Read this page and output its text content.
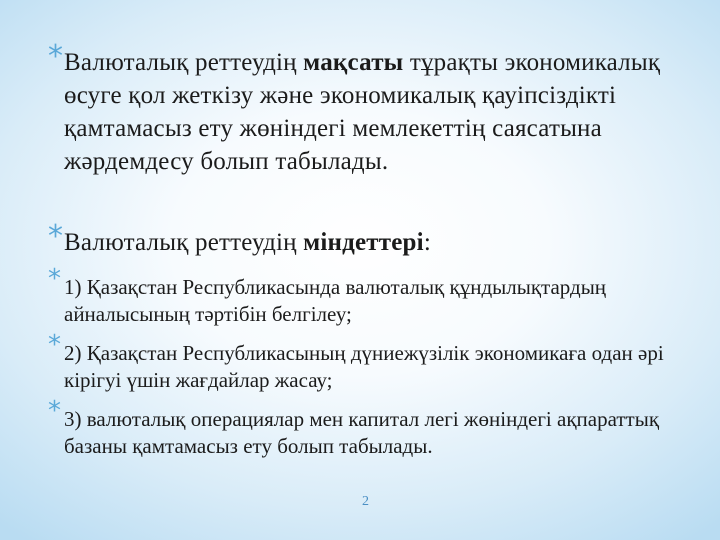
* Валюталық реттеудің мақсаты тұрақты экономикалық өсуге қол жеткізу және экономикалық қауіпсіздікті қамтамасыз ету жөніндегі мемлекеттің саясатына жәрдемдесу болып табылады.

* Валюталық реттеудің міндеттері:

* 1) Қазақстан Республикасында валюталық құндылықтардың айналысының тәртібін белгілеу;

* 2) Қазақстан Республикасының дүниежүзілік экономикаға одан әрі кірігуі үшін жағдайлар жасау;

* 3) валюталық операциялар мен капитал легі жөніндегі ақпараттық базаны қамтамасыз ету болып табылады.

2
